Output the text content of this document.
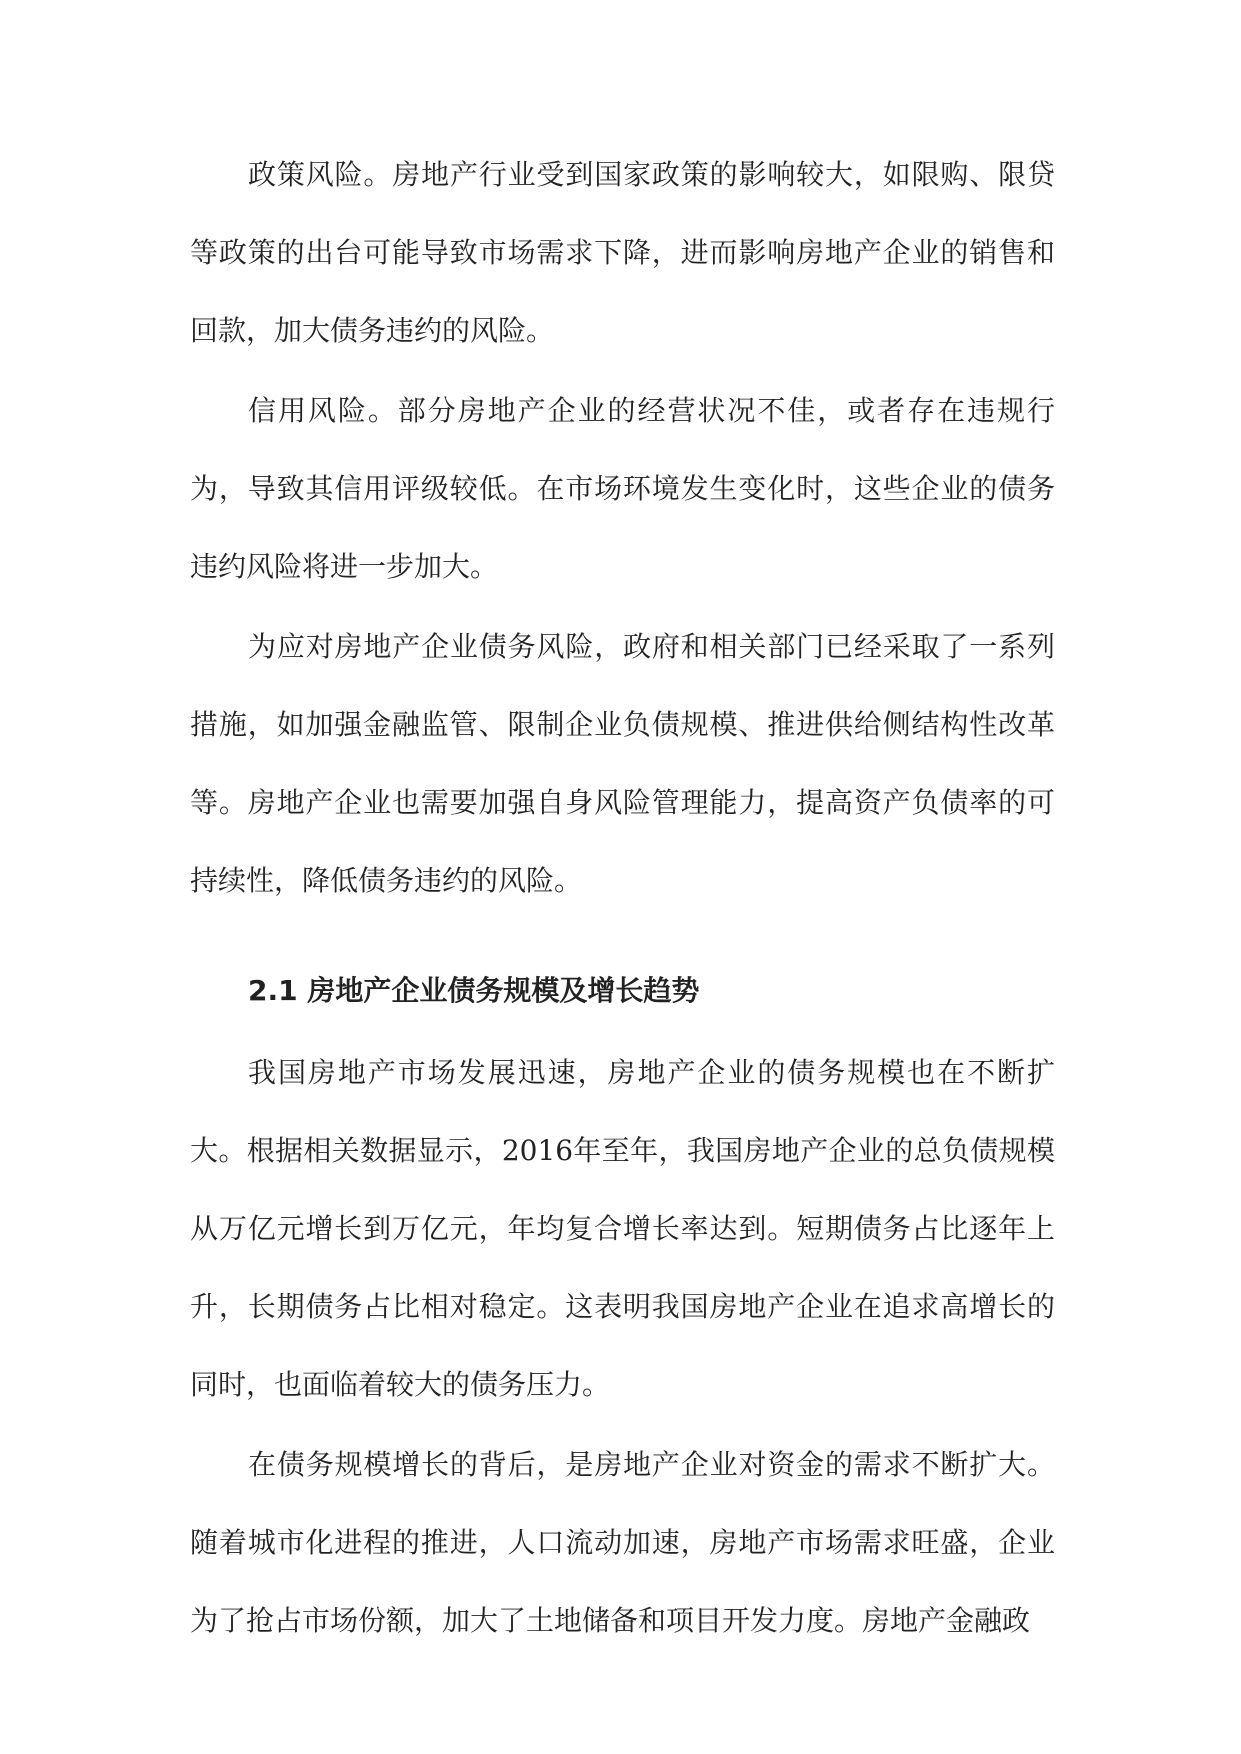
政策风险。房地产行业受到国家政策的影响较大，如限购、限贷等政策的出台可能导致市场需求下降，进而影响房地产企业的销售和回款，加大债务违约的风险。

信用风险。部分房地产企业的经营状况不佳，或者存在违规行为，导致其信用评级较低。在市场环境发生变化时，这些企业的债务违约风险将进一步加大。

为应对房地产企业债务风险，政府和相关部门已经采取了一系列措施，如加强金融监管、限制企业负债规模、推进供给侧结构性改革等。房地产企业也需要加强自身风险管理能力，提高资产负债率的可持续性，降低债务违约的风险。

2.1 房地产企业债务规模及增长趋势

我国房地产市场发展迅速，房地产企业的债务规模也在不断扩大。根据相关数据显示，2016年至年，我国房地产企业的总负债规模从万亿元增长到万亿元，年均复合增长率达到。短期债务占比逐年上升，长期债务占比相对稳定。这表明我国房地产企业在追求高增长的同时，也面临着较大的债务压力。

在债务规模增长的背后，是房地产企业对资金的需求不断扩大。随着城市化进程的推进，人口流动加速，房地产市场需求旺盛，企业为了抢占市场份额，加大了土地储备和项目开发力度。房地产金融政
